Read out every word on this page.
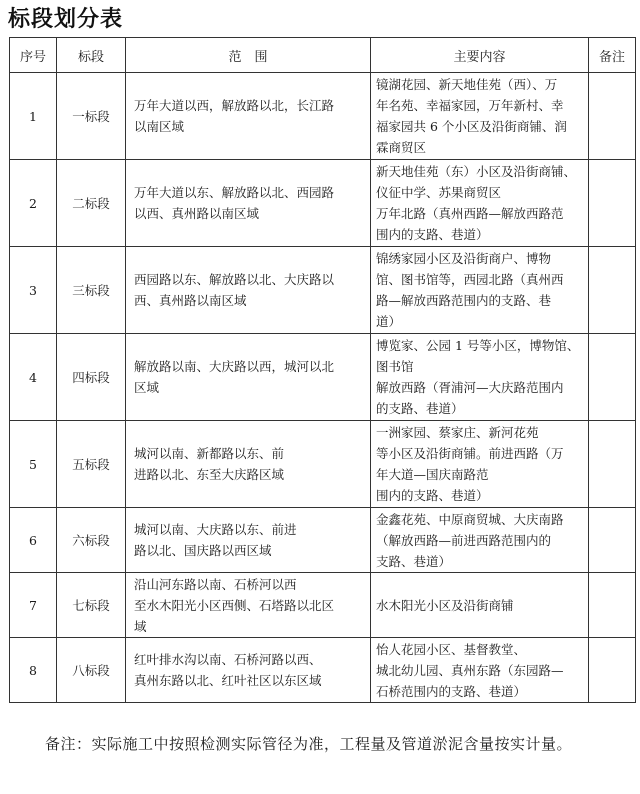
标段划分表
序号	标段	范　围	主要内容	备注
1	一标段	万年大道以西，解放路以北，长江路
以南区域	镜湖花园、新天地佳苑（西）、万
年名苑、幸福家园，万年新村、幸
福家园共 6 个小区及沿街商铺、润
霖商贸区	

2	二标段	万年大道以东、解放路以北、西园路
以西、真州路以南区域	新天地佳苑（东）小区及沿街商铺、
仪征中学、苏果商贸区
万年北路（真州西路—解放西路范
围内的支路、巷道）	

3	三标段	西园路以东、解放路以北、大庆路以
西、真州路以南区域	锦绣家园小区及沿街商户、博物
馆、图书馆等，西园北路（真州西
路—解放西路范围内的支路、巷
道）	

4	四标段	解放路以南、大庆路以西，城河以北
区域	博览家、公园 1 号等小区，博物馆、
图书馆
解放西路（胥浦河—大庆路范围内
的支路、巷道）	

5	五标段	城河以南、新都路以东、前
进路以北、东至大庆路区域	一洲家园、蔡家庄、新河花苑
等小区及沿街商铺。前进西路（万
年大道—国庆南路范
围内的支路、巷道）	

6	六标段	城河以南、大庆路以东、前进
路以北、国庆路以西区域	金鑫花苑、中原商贸城、大庆南路
（解放西路—前进西路范围内的
支路、巷道）	

7	七标段	沿山河东路以南、石桥河以西
至水木阳光小区西侧、石塔路以北区
域	水木阳光小区及沿街商铺	

8	八标段	红叶排水沟以南、石桥河路以西、
真州东路以北、红叶社区以东区域	怡人花园小区、基督教堂、
城北幼儿园、真州东路（东园路—
石桥范围内的支路、巷道）	

备注：实际施工中按照检测实际管径为准，工程量及管道淤泥含量按实计量。
